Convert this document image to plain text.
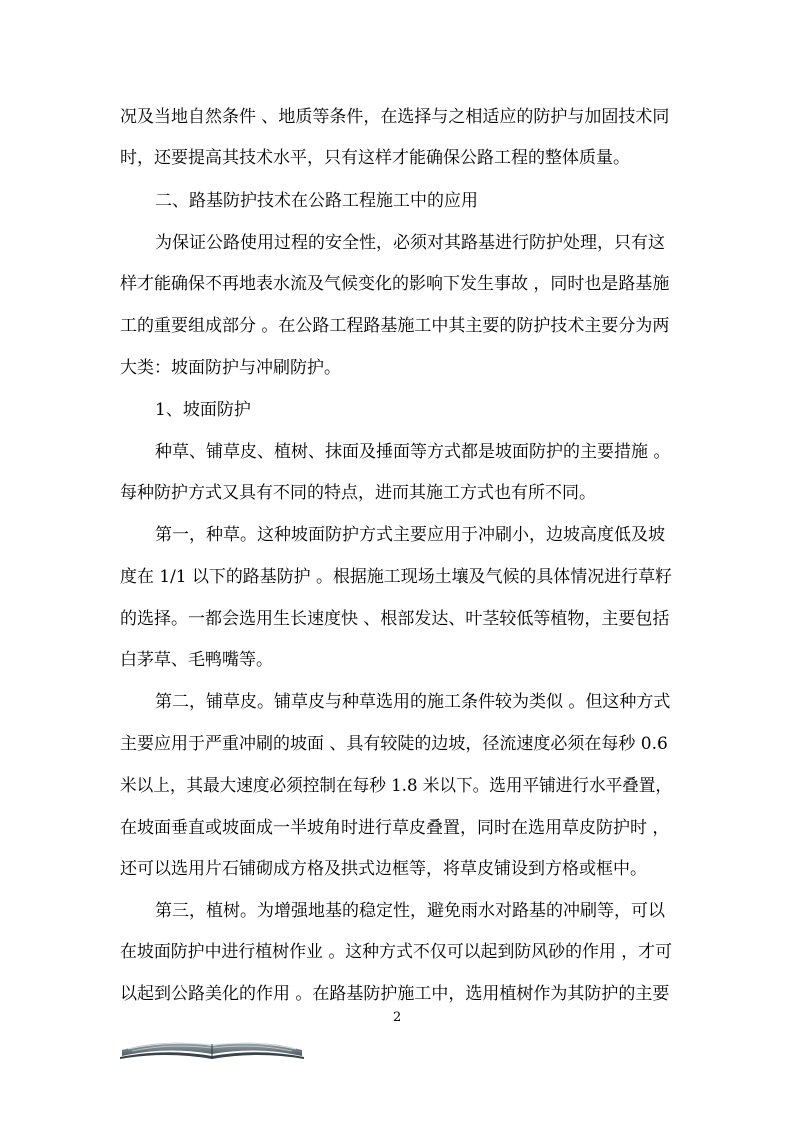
况及当地自然条件 、地质等条件，在选择与之相适应的防护与加固技术同
时，还要提高其技术水平，只有这样才能确保公路工程的整体质量。
二、路基防护技术在公路工程施工中的应用
为保证公路使用过程的安全性，必须对其路基进行防护处理，只有这
样才能确保不再地表水流及气候变化的影响下发生事故 ，同时也是路基施
工的重要组成部分 。在公路工程路基施工中其主要的防护技术主要分为两
大类：坡面防护与冲刷防护。
1、坡面防护
种草、铺草皮、植树、抹面及捶面等方式都是坡面防护的主要措施 。
每种防护方式又具有不同的特点，进而其施工方式也有所不同。
第一，种草。这种坡面防护方式主要应用于冲刷小，边坡高度低及坡
度在 1/1 以下的路基防护 。根据施工现场土壤及气候的具体情况进行草籽
的选择。一都会选用生长速度快 、根部发达、叶茎较低等植物，主要包括
白茅草、毛鸭嘴等。
第二，铺草皮。铺草皮与种草选用的施工条件较为类似 。但这种方式
主要应用于严重冲刷的坡面 、具有较陡的边坡，径流速度必须在每秒 0.6
米以上，其最大速度必须控制在每秒 1.8 米以下。选用平铺进行水平叠置，
在坡面垂直或坡面成一半坡角时进行草皮叠置，同时在选用草皮防护时 ，
还可以选用片石铺砌成方格及拱式边框等，将草皮铺设到方格或框中。
第三，植树。为增强地基的稳定性，避免雨水对路基的冲刷等，可以
在坡面防护中进行植树作业 。这种方式不仅可以起到防风砂的作用 ，才可
以起到公路美化的作用 。在路基防护施工中，选用植树作为其防护的主要
2
